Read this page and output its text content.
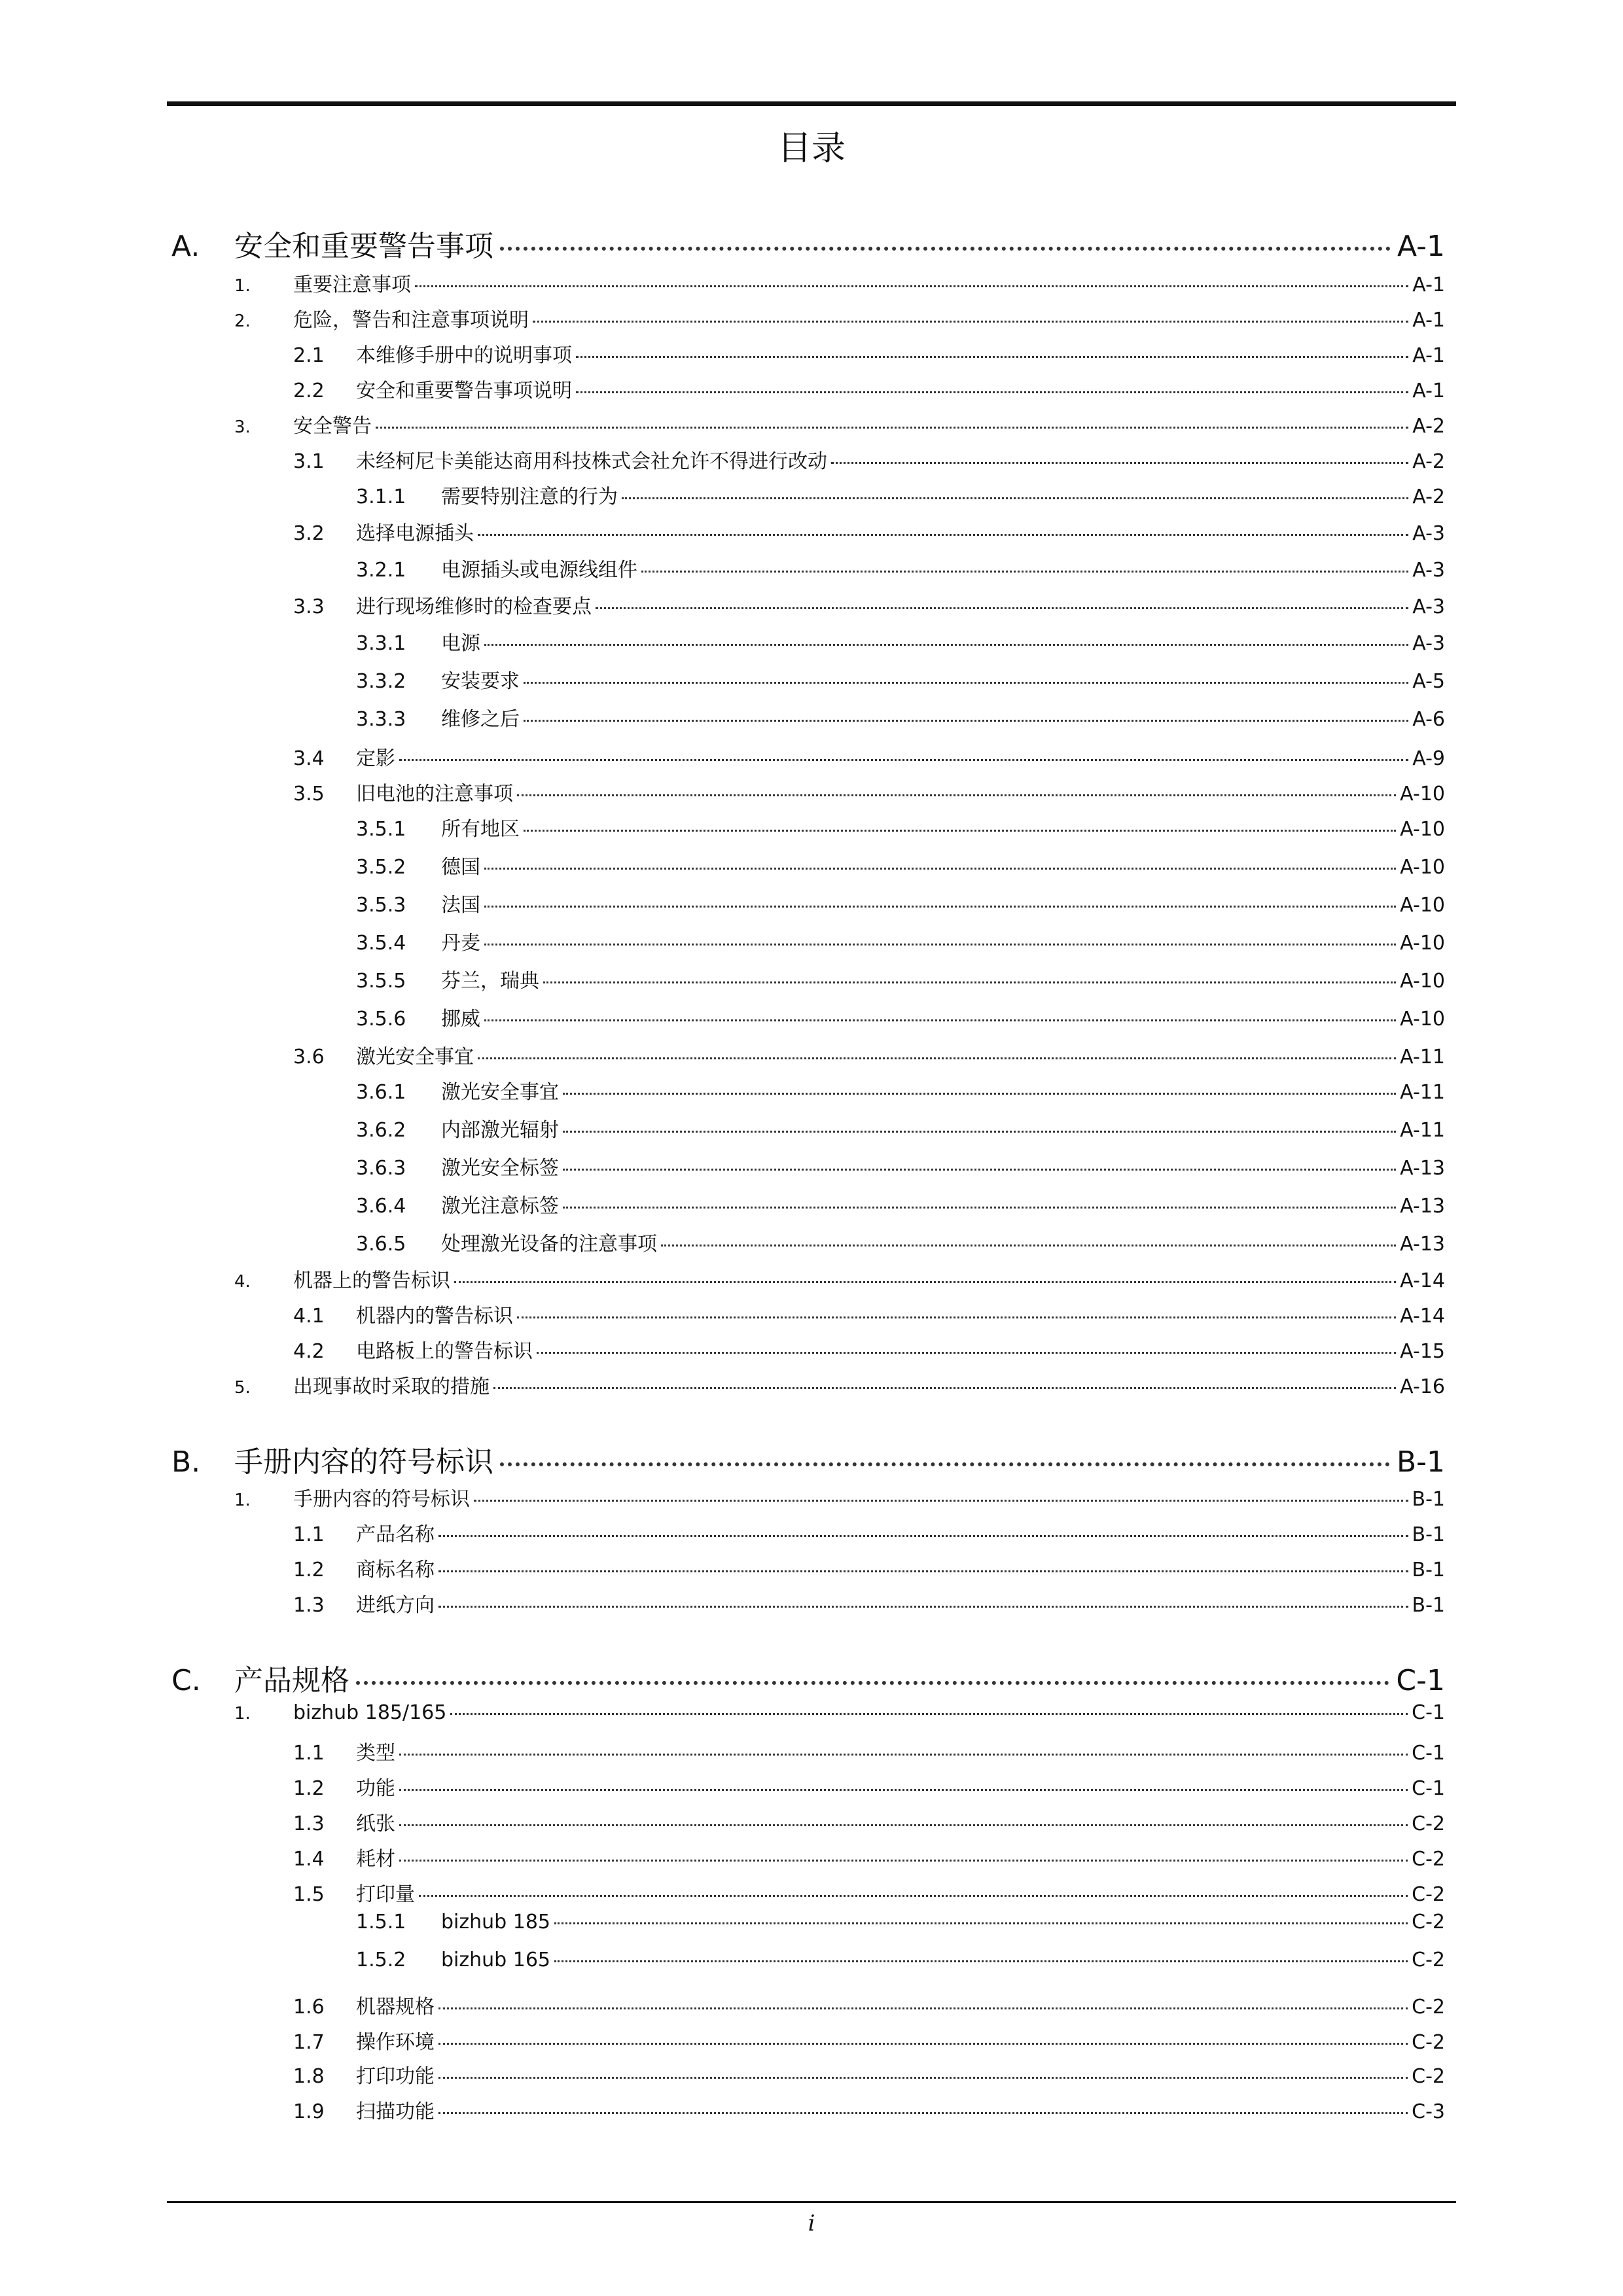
目录
A.	安全和重要警告事项	A-1
1.	重要注意事项	A-1
2.	危险，警告和注意事项说明	A-1
2.1	本维修手册中的说明事项	A-1
2.2	安全和重要警告事项说明	A-1
3.	安全警告	A-2
3.1	未经柯尼卡美能达商用科技株式会社允许不得进行改动	A-2
3.1.1	需要特别注意的行为	A-2
3.2	选择电源插头	A-3
3.2.1	电源插头或电源线组件	A-3
3.3	进行现场维修时的检查要点	A-3
3.3.1	电源	A-3
3.3.2	安装要求	A-5
3.3.3	维修之后	A-6
3.4	定影	A-9
3.5	旧电池的注意事项	A-10
3.5.1	所有地区	A-10
3.5.2	德国	A-10
3.5.3	法国	A-10
3.5.4	丹麦	A-10
3.5.5	芬兰，瑞典	A-10
3.5.6	挪威	A-10
3.6	激光安全事宜	A-11
3.6.1	激光安全事宜	A-11
3.6.2	内部激光辐射	A-11
3.6.3	激光安全标签	A-13
3.6.4	激光注意标签	A-13
3.6.5	处理激光设备的注意事项	A-13
4.	机器上的警告标识	A-14
4.1	机器内的警告标识	A-14
4.2	电路板上的警告标识	A-15
5.	出现事故时采取的措施	A-16
B.	手册内容的符号标识	B-1
1.	手册内容的符号标识	B-1
1.1	产品名称	B-1
1.2	商标名称	B-1
1.3	进纸方向	B-1
C.	产品规格	C-1
1.	bizhub 185/165	C-1
1.1	类型	C-1
1.2	功能	C-1
1.3	纸张	C-2
1.4	耗材	C-2
1.5	打印量	C-2
1.5.1	bizhub 185	C-2
1.5.2	bizhub 165	C-2
1.6	机器规格	C-2
1.7	操作环境	C-2
1.8	打印功能	C-2
1.9	扫描功能	C-3
i
